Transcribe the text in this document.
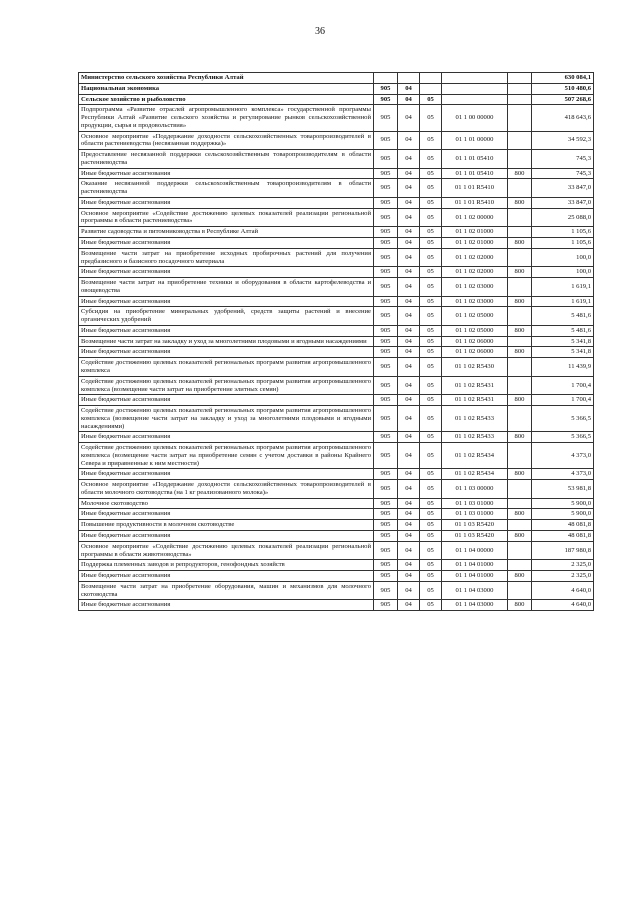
36
Министерство сельского хозяйства Республики Алтай						630 084,1
Национальная экономика	905	04				510 480,6
Сельское хозяйство и рыболовство	905	04	05			507 268,6
Подпрограмма «Развитие отраслей агропромышленного комплекса» государственной программы Республики Алтай «Развитие сельского хозяйства и регулирование рынков сельскохозяйственной продукции, сырья и продовольствия»	905	04	05	01 1 00 00000		418 643,6
Основное мероприятие «Поддержание доходности сельскохозяйственных товаропроизводителей в области растениеводства (несвязанная поддержка)»	905	04	05	01 1 01 00000		34 592,3
Предоставление несвязанной поддержки сельскохозяйственным товаропроизводителям в области растениеводства	905	04	05	01 1 01 05410		745,3
Иные бюджетные ассигнования	905	04	05	01 1 01 05410	800	745,3
Оказание несвязанной поддержки сельскохозяйственным товаропроизводителям в области растениеводства	905	04	05	01 1 01 R5410		33 847,0
Иные бюджетные ассигнования	905	04	05	01 1 01 R5410	800	33 847,0
Основное мероприятие «Содействие достижению целевых показателей реализации региональной программы в области растениеводства»	905	04	05	01 1 02 00000		25 088,0
Развитие садоводства и питомниководства в Республике Алтай	905	04	05	01 1 02 01000		1 105,6
Иные бюджетные ассигнования	905	04	05	01 1 02 01000	800	1 105,6
Возмещение части затрат на приобретение исходных пробирочных растений для получения предбазисного и базисного посадочного материала	905	04	05	01 1 02 02000		100,0
Иные бюджетные ассигнования	905	04	05	01 1 02 02000	800	100,0
Возмещение части затрат на приобретение техники и оборудования в области картофелеводства и овощеводства	905	04	05	01 1 02 03000		1 619,1
Иные бюджетные ассигнования	905	04	05	01 1 02 03000	800	1 619,1
Субсидия на приобретение минеральных удобрений, средств защиты растений и внесение органических удобрений	905	04	05	01 1 02 05000		5 481,6
Иные бюджетные ассигнования	905	04	05	01 1 02 05000	800	5 481,6
Возмещение части затрат на закладку и уход за многолетними плодовыми и ягодными насаждениями	905	04	05	01 1 02 06000		5 341,8
Иные бюджетные ассигнования	905	04	05	01 1 02 06000	800	5 341,8
Содействие достижению целевых показателей региональных программ развития агропромышленного комплекса	905	04	05	01 1 02 R5430		11 439,9
Содействие достижению целевых показателей региональных программ развития агропромышленного комплекса (возмещение части затрат на приобретение элитных семян)	905	04	05	01 1 02 R5431		1 700,4
Иные бюджетные ассигнования	905	04	05	01 1 02 R5431	800	1 700,4
Содействие достижению целевых показателей региональных программ развития агропромышленного комплекса (возмещение части затрат на закладку и уход за многолетними плодовыми и ягодными насаждениями)	905	04	05	01 1 02 R5433		5 366,5
Иные бюджетные ассигнования	905	04	05	01 1 02 R5433	800	5 366,5
Содействие достижению целевых показателей региональных программ развития агропромышленного комплекса (возмещение части затрат на приобретение семян с учетом доставки в районы Крайнего Севера и приравненные к ним местности)	905	04	05	01 1 02 R5434		4 373,0
Иные бюджетные ассигнования	905	04	05	01 1 02 R5434	800	4 373,0
Основное мероприятие «Поддержание доходности сельскохозяйственных товаропроизводителей в области молочного скотоводства (на 1 кг реализованного молока)»	905	04	05	01 1 03 00000		53 981,8
Молочное скотоводство	905	04	05	01 1 03 01000		5 900,0
Иные бюджетные ассигнования	905	04	05	01 1 03 01000	800	5 900,0
Повышение продуктивности в молочном скотоводстве	905	04	05	01 1 03 R5420		48 081,8
Иные бюджетные ассигнования	905	04	05	01 1 03 R5420	800	48 081,8
Основное мероприятие «Содействие достижению целевых показателей реализации региональной программы в области животноводства»	905	04	05	01 1 04 00000		187 980,8
Поддержка племенных заводов и репродукторов, генофондных хозяйств	905	04	05	01 1 04 01000		2 325,0
Иные бюджетные ассигнования	905	04	05	01 1 04 01000	800	2 325,0
Возмещение части затрат на приобретение оборудования, машин и механизмов для молочного скотоводства	905	04	05	01 1 04 03000		4 640,0
Иные бюджетные ассигнования	905	04	05	01 1 04 03000	800	4 640,0
